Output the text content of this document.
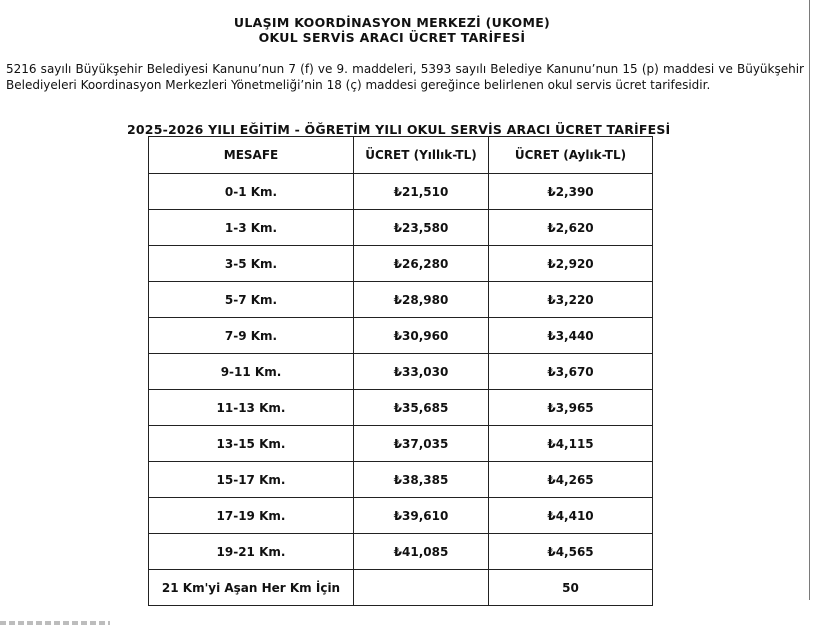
ULAŞIM KOORDİNASYON MERKEZİ (UKOME)
OKUL SERVİS ARACI ÜCRET TARİFESİ
5216 sayılı Büyükşehir Belediyesi Kanunu’nun 7 (f) ve 9. maddeleri, 5393 sayılı Belediye Kanunu’nun 15 (p) maddesi ve Büyükşehir Belediyeleri Koordinasyon Merkezleri Yönetmeliği’nin 18 (ç) maddesi gereğince belirlenen okul servis ücret tarifesidir.
2025-2026 YILI EĞİTİM - ÖĞRETİM YILI OKUL SERVİS ARACI ÜCRET TARİFESİ
MESAFE	ÜCRET (Yıllık-TL)	ÜCRET (Aylık-TL)
0-1 Km.	₺21,510	₺2,390
1-3 Km.	₺23,580	₺2,620
3-5 Km.	₺26,280	₺2,920
5-7 Km.	₺28,980	₺3,220
7-9 Km.	₺30,960	₺3,440
9-11 Km.	₺33,030	₺3,670
11-13 Km.	₺35,685	₺3,965
13-15 Km.	₺37,035	₺4,115
15-17 Km.	₺38,385	₺4,265
17-19 Km.	₺39,610	₺4,410
19-21 Km.	₺41,085	₺4,565
21 Km'yi Aşan Her Km İçin		50
